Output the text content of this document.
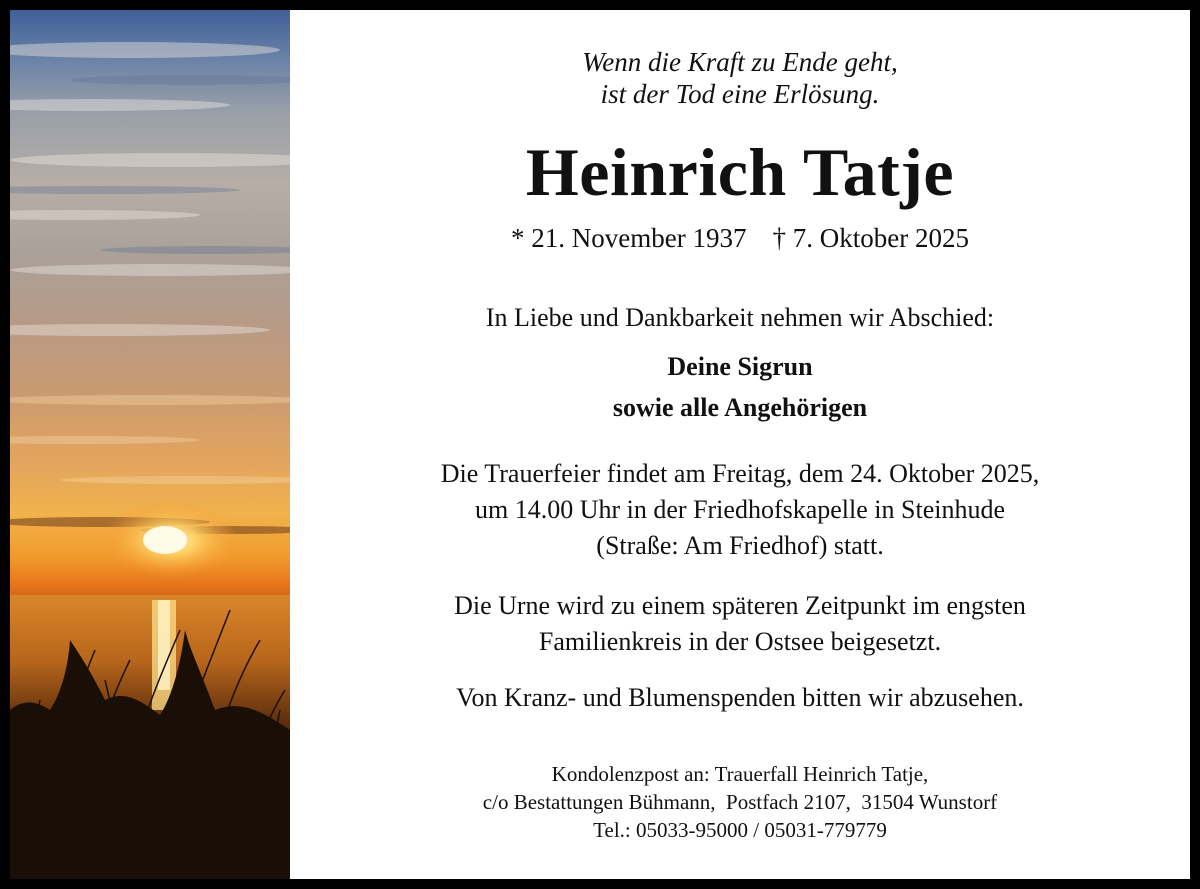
Wenn die Kraft zu Ende geht,
ist der Tod eine Erlösung.
Heinrich Tatje
* 21. November 1937 † 7. Oktober 2025
In Liebe und Dankbarkeit nehmen wir Abschied:
Deine Sigrun
sowie alle Angehörigen
Die Trauerfeier findet am Freitag, dem 24. Oktober 2025,
um 14.00 Uhr in der Friedhofskapelle in Steinhude
(Straße: Am Friedhof) statt.
Die Urne wird zu einem späteren Zeitpunkt im engsten
Familienkreis in der Ostsee beigesetzt.
Von Kranz- und Blumenspenden bitten wir abzusehen.
Kondolenzpost an: Trauerfall Heinrich Tatje,
c/o Bestattungen Bühmann,  Postfach 2107,  31504 Wunstorf
Tel.: 05033-95000 / 05031-779779
